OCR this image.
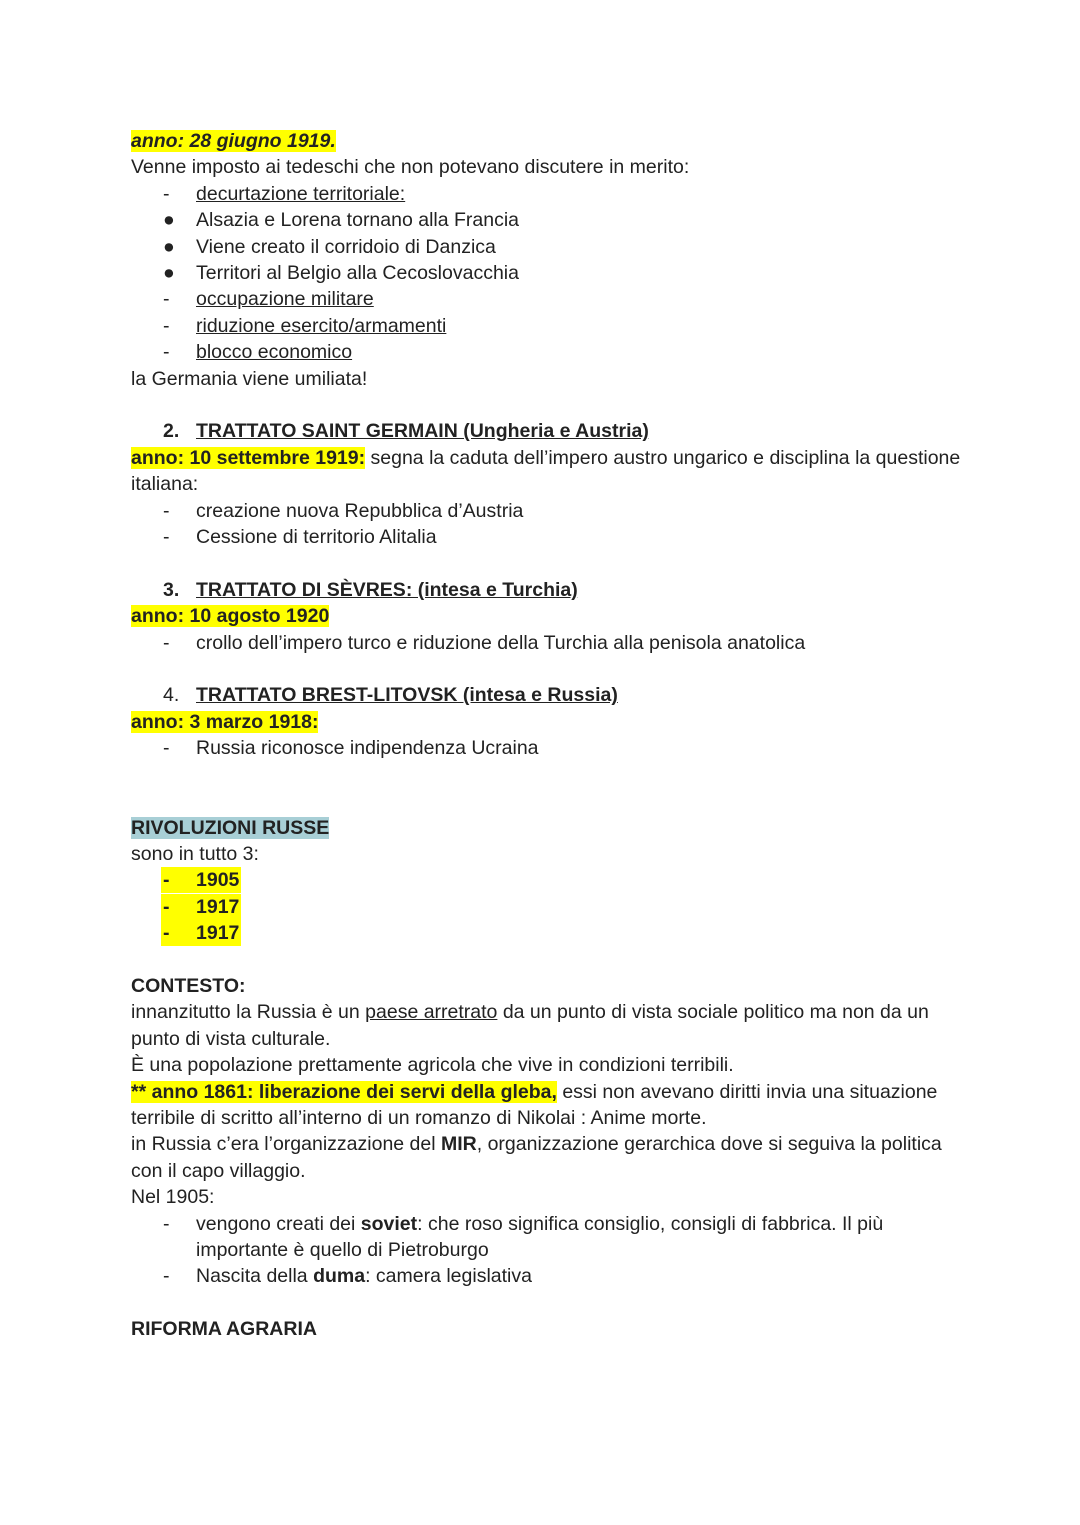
anno: 28 giugno 1919.
Venne imposto ai tedeschi che non potevano discutere in merito:
-	decurtazione territoriale:
●	Alsazia e Lorena tornano alla Francia
●	Viene creato il corridoio di Danzica
●	Territori al Belgio alla Cecoslovacchia
-	occupazione militare
-	riduzione esercito/armamenti
-	blocco economico
la Germania viene umiliata!
2. TRATTATO SAINT GERMAIN (Ungheria e Austria)
anno: 10 settembre 1919: segna la caduta dell’impero austro ungarico e disciplina la questione italiana:
-	creazione nuova Repubblica d’Austria
-	Cessione di territorio Alitalia
3. TRATTATO DI SÈVRES: (intesa e Turchia)
anno: 10 agosto 1920
-	crollo dell’impero turco e riduzione della Turchia alla penisola anatolica
4. TRATTATO BREST-LITOVSK (intesa e Russia)
anno: 3 marzo 1918:
-	Russia riconosce indipendenza Ucraina
RIVOLUZIONI RUSSE
sono in tutto 3:
-	1905
-	1917
-	1917
CONTESTO:
innanzitutto la Russia è un paese arretrato da un punto di vista sociale politico ma non da un punto di vista culturale.
È una popolazione prettamente agricola che vive in condizioni terribili.
** anno 1861: liberazione dei servi della gleba, essi non avevano diritti invia una situazione terribile di scritto all’interno di un romanzo di Nikolai : Anime morte.
in Russia c’era l’organizzazione del MIR, organizzazione gerarchica dove si seguiva la politica con il capo villaggio.
Nel 1905:
-	vengono creati dei soviet: che roso significa consiglio, consigli di fabbrica. Il più importante è quello di Pietroburgo
-	Nascita della duma: camera legislativa
RIFORMA AGRARIA
